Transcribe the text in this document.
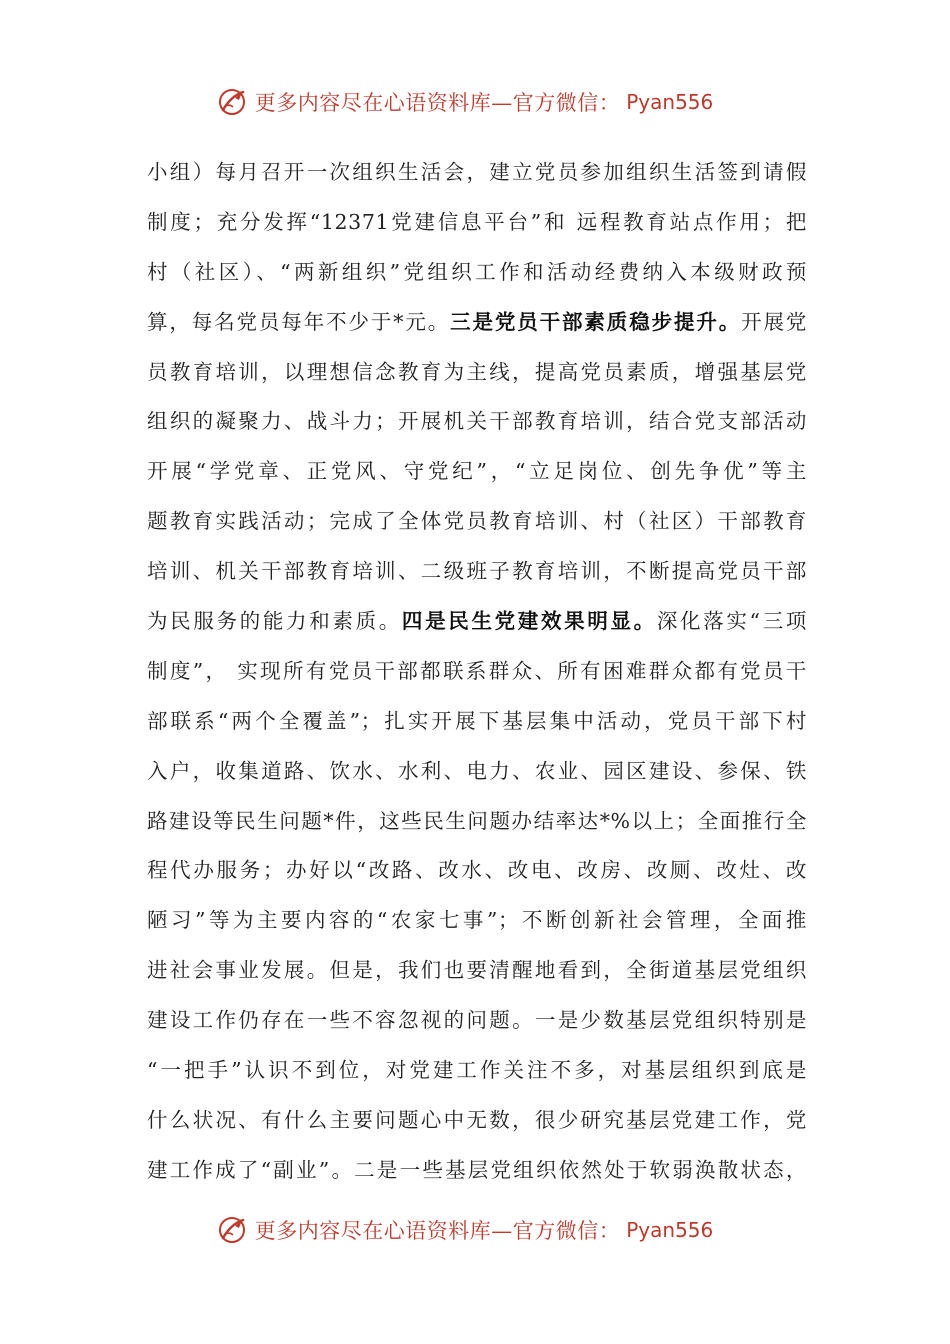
更多内容尽在心语资料库—官方微信： Pyan556
小组）每月召开一次组织生活会，建立党员参加组织生活签到请假
制度；充分发挥“12371党建信息平台”和 远程教育站点作用；把
村（社区）、“两新组织”党组织工作和活动经费纳入本级财政预
算，每名党员每年不少于*元。三是党员干部素质稳步提升。开展党
员教育培训，以理想信念教育为主线，提高党员素质，增强基层党
组织的凝聚力、战斗力；开展机关干部教育培训，结合党支部活动
开展“学党章、正党风、守党纪”，“立足岗位、创先争优”等主
题教育实践活动；完成了全体党员教育培训、村（社区）干部教育
培训、机关干部教育培训、二级班子教育培训，不断提高党员干部
为民服务的能力和素质。四是民生党建效果明显。深化落实“三项
制度”， 实现所有党员干部都联系群众、所有困难群众都有党员干
部联系“两个全覆盖”；扎实开展下基层集中活动，党员干部下村
入户，收集道路、饮水、水利、电力、农业、园区建设、参保、铁
路建设等民生问题*件，这些民生问题办结率达*%以上；全面推行全
程代办服务；办好以“改路、改水、改电、改房、改厕、改灶、改
陋习”等为主要内容的“农家七事”；不断创新社会管理，全面推
进社会事业发展。但是，我们也要清醒地看到，全街道基层党组织
建设工作仍存在一些不容忽视的问题。一是少数基层党组织特别是
“一把手”认识不到位，对党建工作关注不多，对基层组织到底是
什么状况、有什么主要问题心中无数，很少研究基层党建工作，党
建工作成了“副业”。二是一些基层党组织依然处于软弱涣散状态，
更多内容尽在心语资料库—官方微信： Pyan556
